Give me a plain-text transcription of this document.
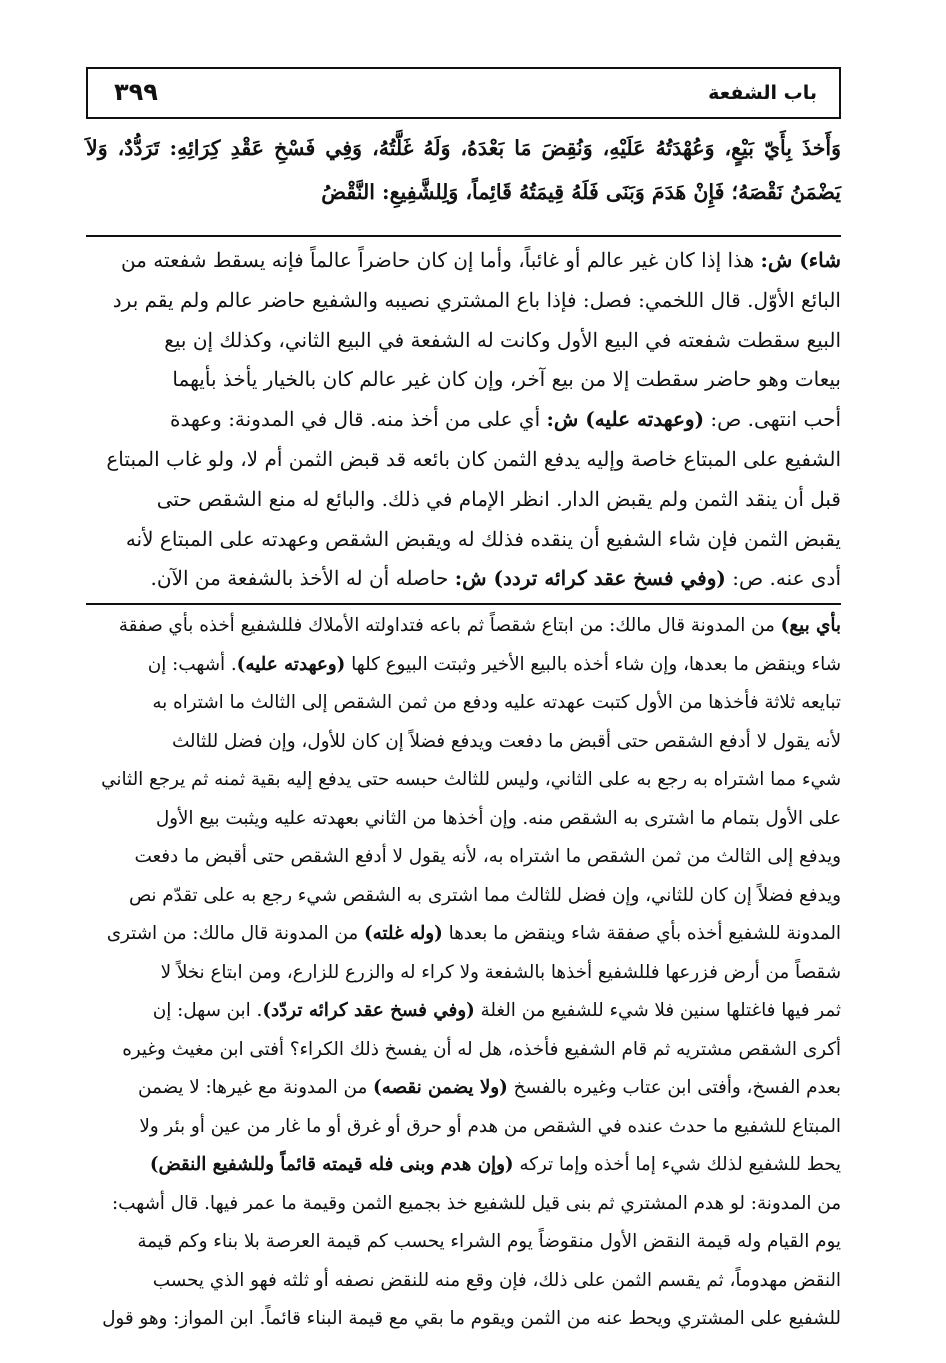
باب الشفعة
٣٩٩

وَأَخذَ بِأَيّ بَيْعٍ، وَعُهْدَتُهُ عَلَيْهِ، وَنُقِضَ مَا بَعْدَهُ، وَلَهُ غَلَّتُهُ، وَفِي فَسْخِ عَقْدِ كِرَائِهِ: تَرَدُّدٌ، وَلاَ يَضْمَنُ نَقْصَهُ؛ فَإِنْ هَدَمَ وَبَنَى فَلَهُ قِيمَتُهُ قَائِماً، وَلِلشَّفِيعِ: النَّقْضُ

شاء) ش: هذا إذا كان غير عالم أو غائباً، وأما إن كان حاضراً عالماً فإنه يسقط شفعته من

البائع الأوّل. قال اللخمي: فصل: فإذا باع المشتري نصيبه والشفيع حاضر عالم ولم يقم برد

البيع سقطت شفعته في البيع الأول وكانت له الشفعة في البيع الثاني، وكذلك إن بيع

بيعات وهو حاضر سقطت إلا من بيع آخر، وإن كان غير عالم كان بالخيار يأخذ بأيهما

أحب انتهى. ص: (وعهدته عليه) ش: أي على من أخذ منه. قال في المدونة: وعهدة

الشفيع على المبتاع خاصة وإليه يدفع الثمن كان بائعه قد قبض الثمن أم لا، ولو غاب المبتاع

قبل أن ينقد الثمن ولم يقبض الدار. انظر الإمام في ذلك. والبائع له منع الشقص حتى

يقبض الثمن فإن شاء الشفيع أن ينقده فذلك له ويقبض الشقص وعهدته على المبتاع لأنه

أدى عنه. ص: (وفي فسخ عقد كرائه تردد) ش: حاصله أن له الأخذ بالشفعة من الآن.

بأي بيع) من المدونة قال مالك: من ابتاع شقصاً ثم باعه فتداولته الأملاك فللشفيع أخذه بأي صفقة

شاء وينقض ما بعدها، وإن شاء أخذه بالبيع الأخير وثبتت البيوع كلها (وعهدته عليه). أشهب: إن

تبايعه ثلاثة فأخذها من الأول كتبت عهدته عليه ودفع من ثمن الشقص إلى الثالث ما اشتراه به

لأنه يقول لا أدفع الشقص حتى أقبض ما دفعت ويدفع فضلاً إن كان للأول، وإن فضل للثالث

شيء مما اشتراه به رجع به على الثاني، وليس للثالث حبسه حتى يدفع إليه بقية ثمنه ثم يرجع الثاني

على الأول بتمام ما اشترى به الشقص منه. وإن أخذها من الثاني بعهدته عليه ويثبت بيع الأول

ويدفع إلى الثالث من ثمن الشقص ما اشتراه به، لأنه يقول لا أدفع الشقص حتى أقبض ما دفعت

ويدفع فضلاً إن كان للثاني، وإن فضل للثالث مما اشترى به الشقص شيء رجع به على تقدّم نص

المدونة للشفيع أخذه بأي صفقة شاء وينقض ما بعدها (وله غلته) من المدونة قال مالك: من اشترى

شقصاً من أرض فزرعها فللشفيع أخذها بالشفعة ولا كراء له والزرع للزارع، ومن ابتاع نخلاً لا

ثمر فيها فاغتلها سنين فلا شيء للشفيع من الغلة (وفي فسخ عقد كرائه تردّد). ابن سهل: إن

أكرى الشقص مشتريه ثم قام الشفيع فأخذه، هل له أن يفسخ ذلك الكراء؟ أفتى ابن مغيث وغيره

بعدم الفسخ، وأفتى ابن عتاب وغيره بالفسخ (ولا يضمن نقصه) من المدونة مع غيرها: لا يضمن

المبتاع للشفيع ما حدث عنده في الشقص من هدم أو حرق أو غرق أو ما غار من عين أو بئر ولا

يحط للشفيع لذلك شيء إما أخذه وإما تركه (وإن هدم وبنى فله قيمته قائماً وللشفيع النقض)

من المدونة: لو هدم المشتري ثم بنى قيل للشفيع خذ بجميع الثمن وقيمة ما عمر فيها. قال أشهب:

يوم القيام وله قيمة النقض الأول منقوضاً يوم الشراء يحسب كم قيمة العرصة بلا بناء وكم قيمة

النقض مهدوماً، ثم يقسم الثمن على ذلك، فإن وقع منه للنقض نصفه أو ثلثه فهو الذي يحسب

للشفيع على المشتري ويحط عنه من الثمن ويقوم ما بقي مع قيمة البناء قائماً. ابن المواز: وهو قول
